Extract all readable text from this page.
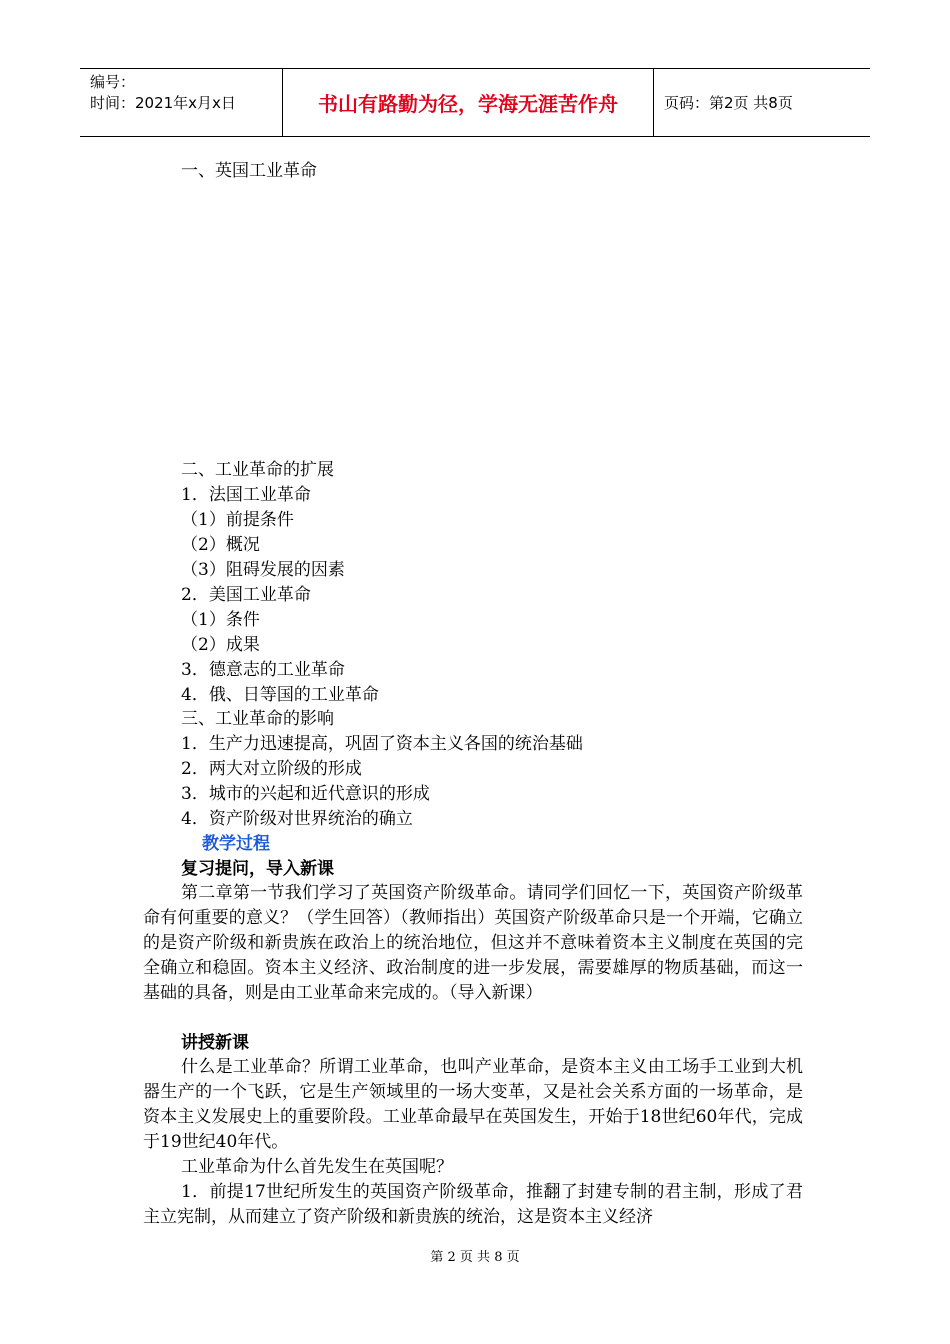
编号：
时间：2021年x月x日	书山有路勤为径，学海无涯苦作舟	页码：第2页 共8页
一、英国工业革命
二、工业革命的扩展
1．法国工业革命
（1）前提条件
（2）概况
（3）阻碍发展的因素
2．美国工业革命
（1）条件
（2）成果
3．德意志的工业革命
4．俄、日等国的工业革命
三、工业革命的影响
1．生产力迅速提高，巩固了资本主义各国的统治基础
2．两大对立阶级的形成
3．城市的兴起和近代意识的形成
4．资产阶级对世界统治的确立
教学过程
复习提问，导入新课

第二章第一节我们学习了英国资产阶级革命。请同学们回忆一下，英国资产阶级革命有何重要的意义？（学生回答）（教师指出）英国资产阶级革命只是一个开端，它确立的是资产阶级和新贵族在政治上的统治地位，但这并不意味着资本主义制度在英国的完全确立和稳固。资本主义经济、政治制度的进一步发展，需要雄厚的物质基础，而这一基础的具备，则是由工业革命来完成的。（导入新课）

讲授新课

什么是工业革命？所谓工业革命，也叫产业革命，是资本主义由工场手工业到大机器生产的一个飞跃，它是生产领域里的一场大变革，又是社会关系方面的一场革命，是资本主义发展史上的重要阶段。工业革命最早在英国发生，开始于18世纪60年代，完成于19世纪40年代。

工业革命为什么首先发生在英国呢？

1．前提17世纪所发生的英国资产阶级革命，推翻了封建专制的君主制，形成了君主立宪制，从而建立了资产阶级和新贵族的统治，这是资本主义经济

第 2 页 共 8 页
